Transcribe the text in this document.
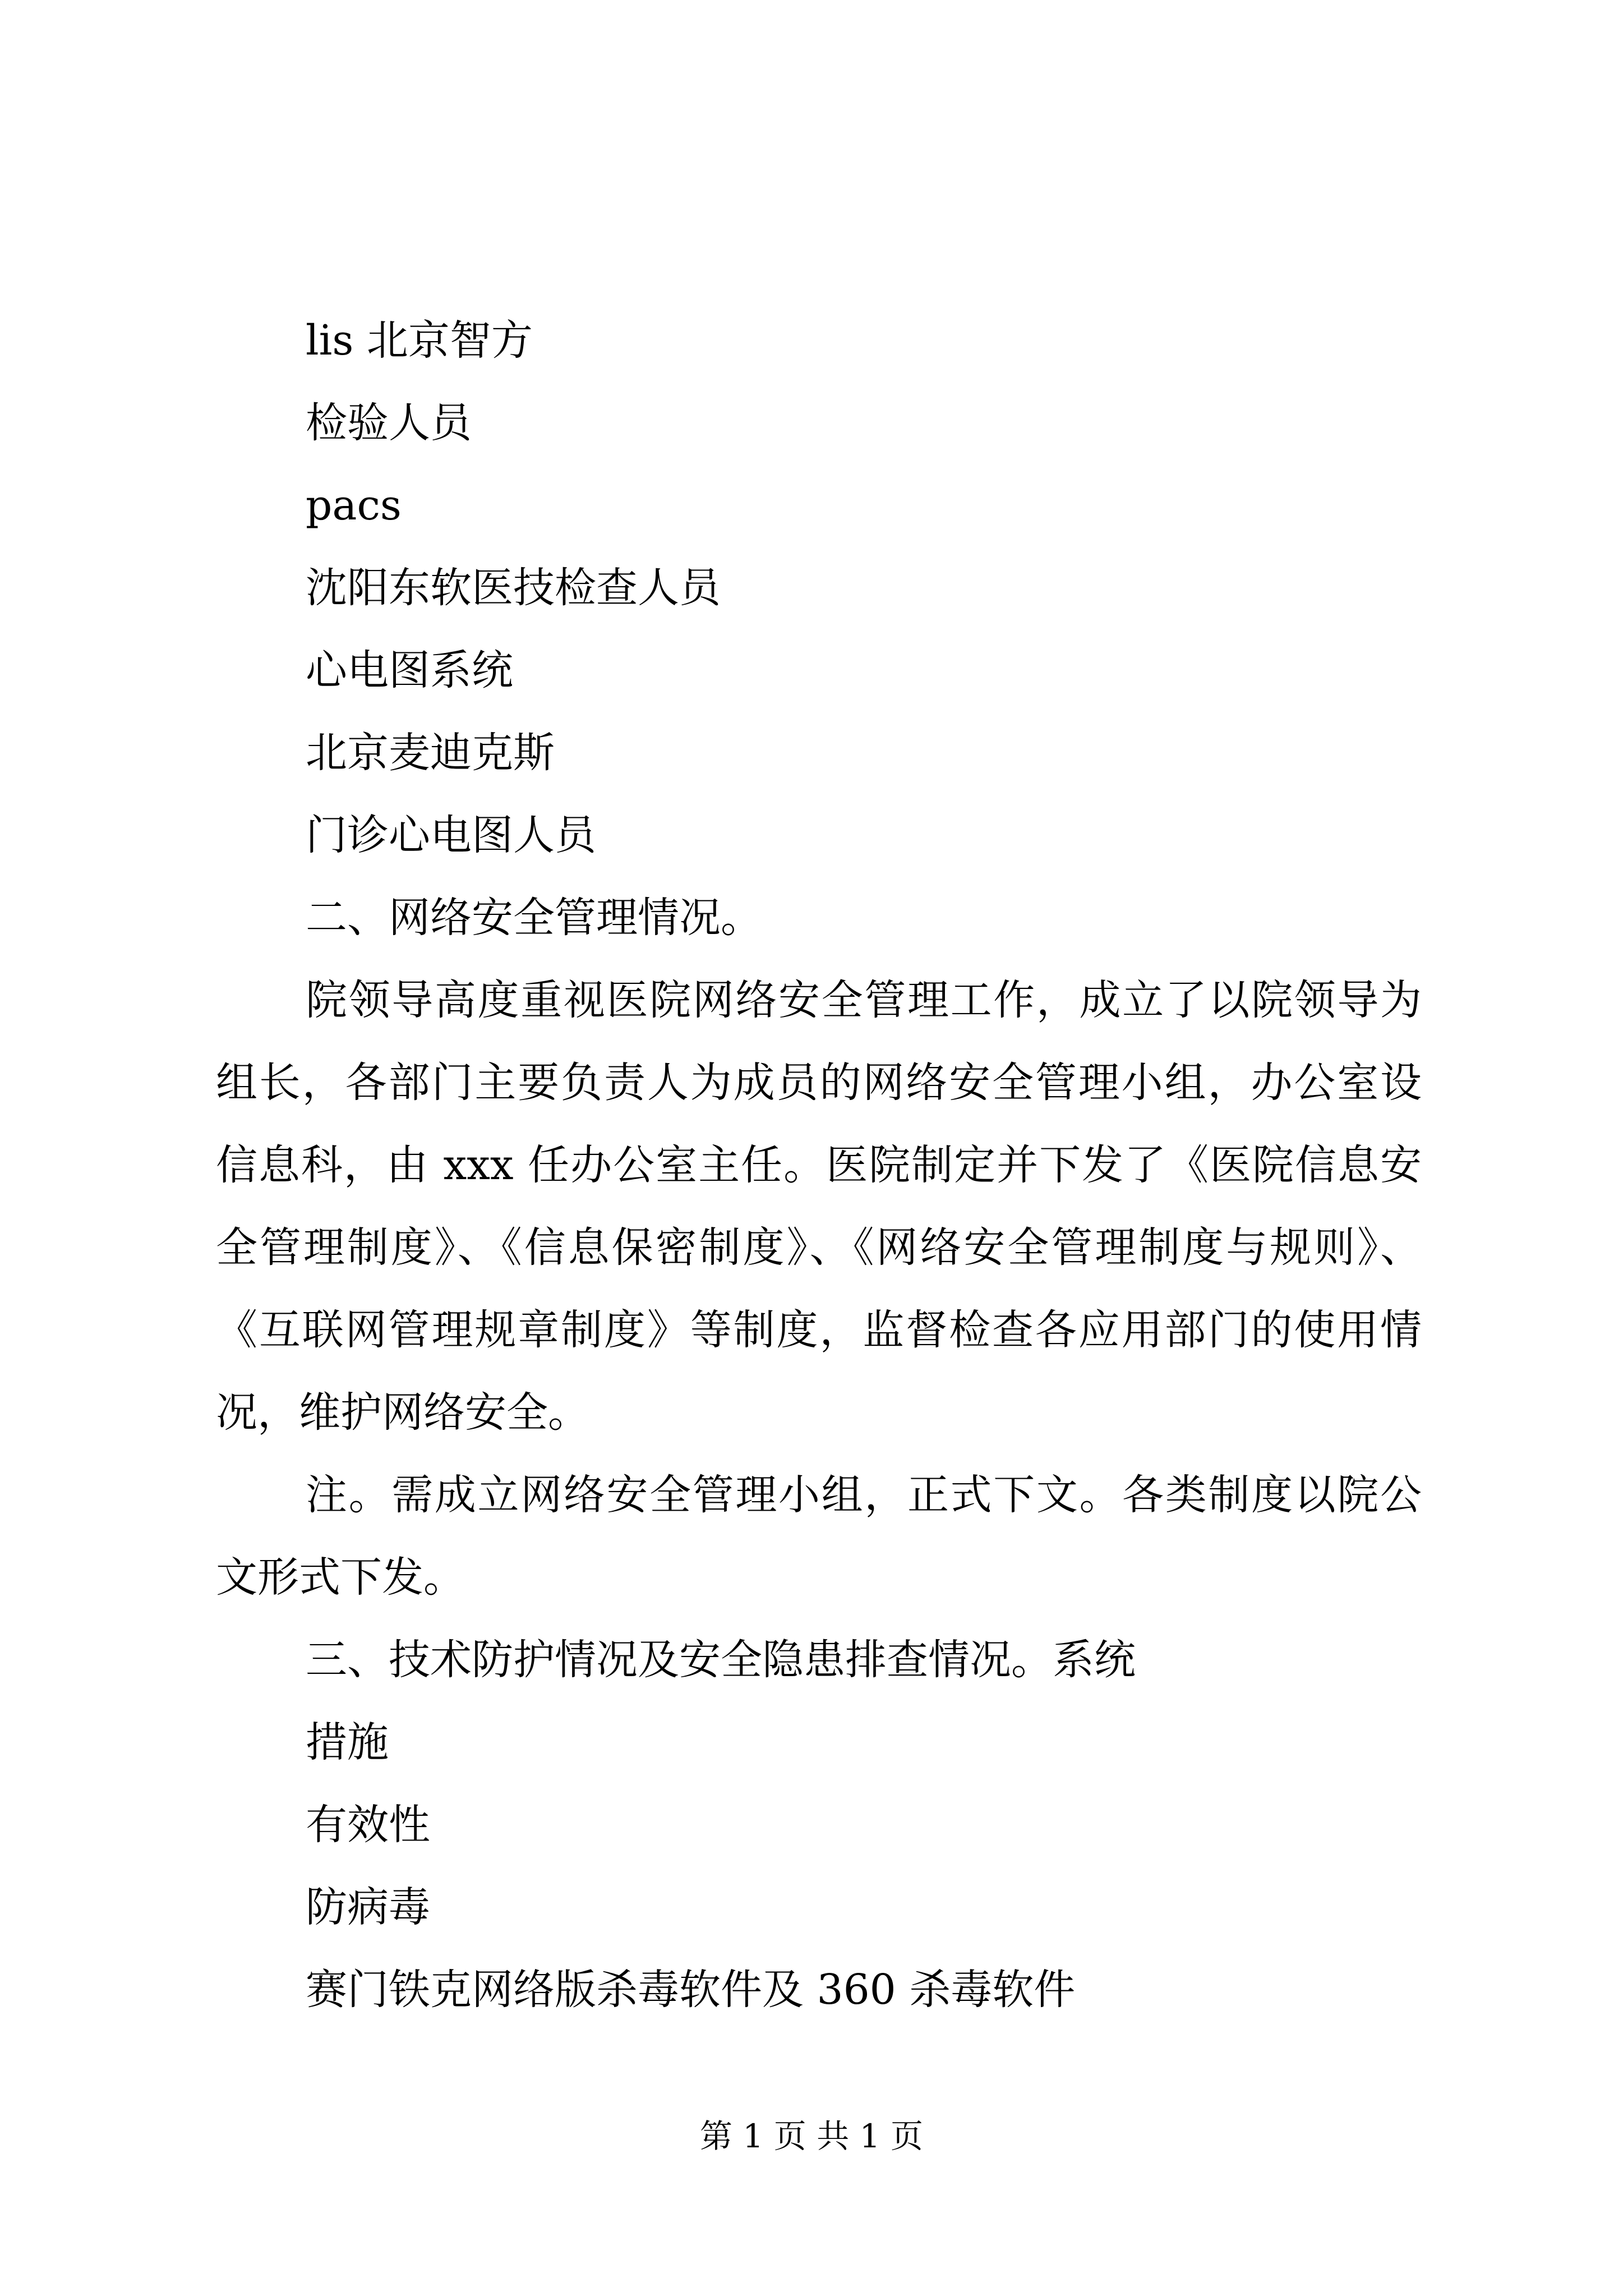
lis 北京智方
检验人员
pacs
沈阳东软医技检查人员
心电图系统
北京麦迪克斯
门诊心电图人员
二、网络安全管理情况。
院领导高度重视医院网络安全管理工作，成立了以院领导为
组长，各部门主要负责人为成员的网络安全管理小组，办公室设
信息科，由 xxx 任办公室主任。医院制定并下发了《医院信息安
全管理制度》、《信息保密制度》、《网络安全管理制度与规则》、
《互联网管理规章制度》等制度，监督检查各应用部门的使用情
况，维护网络安全。
注。需成立网络安全管理小组，正式下文。各类制度以院公
文形式下发。
三、技术防护情况及安全隐患排查情况。系统
措施
有效性
防病毒
赛门铁克网络版杀毒软件及 360 杀毒软件
第 1 页 共 1 页
